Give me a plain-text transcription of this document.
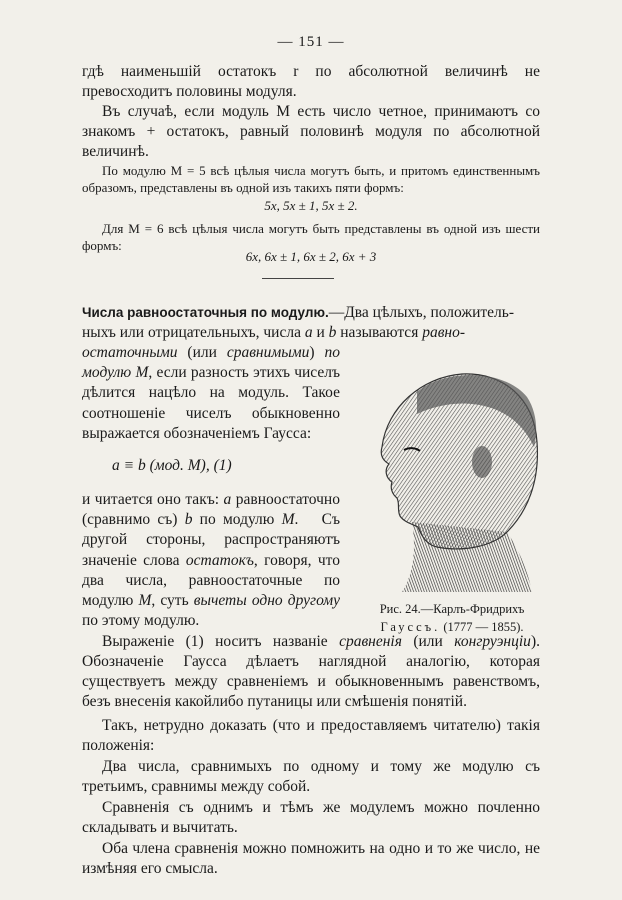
— 151 —
гдѣ наименьшій остатокъ r по абсолютной величинѣ не превосходитъ половины модуля.
Въ случаѣ, если модуль M есть число четное, принимаютъ со знакомъ + остатокъ, равный половинѣ модуля по абсолютной величинѣ.
По модулю M = 5 всѣ цѣлыя числа могутъ быть, и притомъ единственнымъ образомъ, представлены въ одной изъ такихъ пяти формъ:
5x, 5x ± 1, 5x ± 2.
Для M = 6 всѣ цѣлыя числа могутъ быть представлены въ одной изъ шести формъ:
6x, 6x ± 1, 6x ± 2, 6x + 3
Числа равноостаточныя по модулю.—Два цѣлыхъ, положитель-
ныхъ или отрицательныхъ, числа a и b называются равно-
остаточными (или сравнимыми) по модулю M, если разность этихъ чиселъ дѣлится нацѣло на модуль. Такое соотношеніе чиселъ обыкновенно выражается обозначеніемъ Гаусса:
a ≡ b (мод. M), (1)
и читается оно такъ: a равноостаточно (сравнимо съ) b по модулю M. Съ другой стороны, распространяютъ значеніе слова остатокъ, говоря, что два числа, равноостаточные по модулю M, суть вычеты одно другому по этому модулю.
Рис. 24.—Карлъ-Фридрихъ
Гауссъ. (1777 — 1855).
Выраженіе (1) носитъ названіе сравненія (или конгруэнціи). Обозначеніе Гаусса дѣлаетъ наглядной аналогію, которая существуетъ между сравненіемъ и обыкновеннымъ равенствомъ, безъ внесенія какойлибо путаницы или смѣшенія понятій.
Такъ, нетрудно доказать (что и предоставляемъ читателю) такія положенія:
Два числа, сравнимыхъ по одному и тому же модулю съ третьимъ, сравнимы между собой.
Сравненія съ однимъ и тѣмъ же модулемъ можно почленно складывать и вычитать.
Оба члена сравненія можно помножить на одно и то же число, не измѣняя его смысла.
